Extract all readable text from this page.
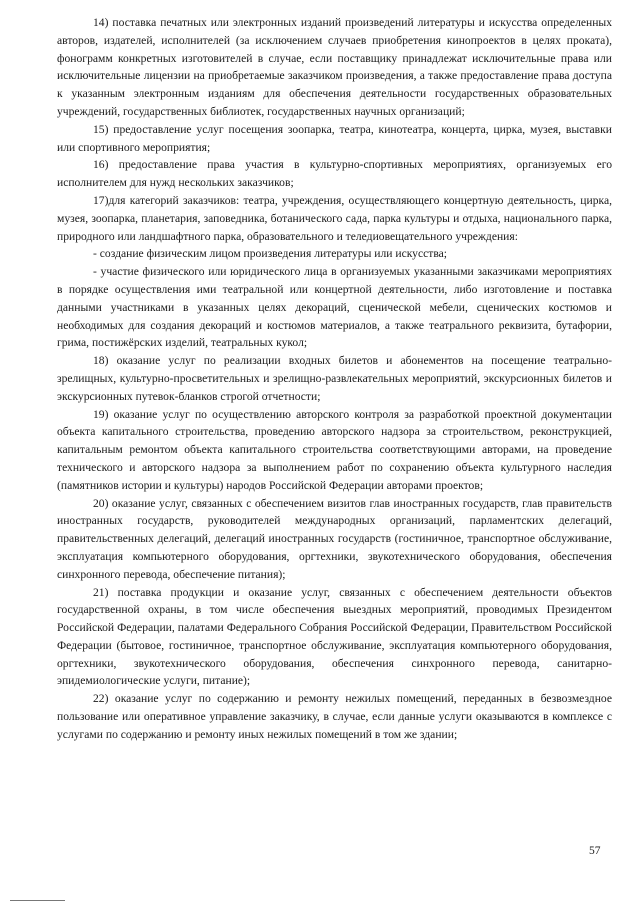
14) поставка печатных или электронных изданий произведений литературы и искусства определенных авторов, издателей, исполнителей (за исключением случаев приобретения кинопроектов в целях проката), фонограмм конкретных изготовителей в случае, если поставщику принадлежат исключительные права или исключительные лицензии на приобретаемые заказчиком произведения, а также предоставление права доступа к указанным электронным изданиям для обеспечения деятельности государственных образовательных учреждений, государственных библиотек, государственных научных организаций;

15) предоставление услуг посещения зоопарка, театра, кинотеатра, концерта, цирка, музея, выставки или спортивного мероприятия;

16) предоставление права участия в культурно-спортивных мероприятиях, организуемых его исполнителем для нужд нескольких заказчиков;

17)для категорий заказчиков: театра, учреждения, осуществляющего концертную деятельность, цирка, музея, зоопарка, планетария, заповедника, ботанического сада, парка культуры и отдыха, национального парка, природного или ландшафтного парка, образовательного и теледиовещательного учреждения:

- создание физическим лицом произведения литературы или искусства;

- участие физического или юридического лица в организуемых указанными заказчиками мероприятиях в порядке осуществления ими театральной или концертной деятельности, либо изготовление и поставка данными участниками в указанных целях декораций, сценической мебели, сценических костюмов и необходимых для создания декораций и костюмов материалов, а также театрального реквизита, бутафории, грима, постижёрских изделий, театральных кукол;

18) оказание услуг по реализации входных билетов и абонементов на посещение театрально-зрелищных, культурно-просветительных и зрелищно-развлекательных мероприятий, экскурсионных билетов и экскурсионных путевок-бланков строгой отчетности;

19) оказание услуг по осуществлению авторского контроля за разработкой проектной документации объекта капитального строительства, проведению авторского надзора за строительством, реконструкцией, капитальным ремонтом объекта капитального строительства соответствующими авторами, на проведение технического и авторского надзора за выполнением работ по сохранению объекта культурного наследия (памятников истории и культуры) народов Российской Федерации авторами проектов;

20) оказание услуг, связанных с обеспечением визитов глав иностранных государств, глав правительств иностранных государств, руководителей международных организаций, парламентских делегаций, правительственных делегаций, делегаций иностранных государств (гостиничное, транспортное обслуживание, эксплуатация компьютерного оборудования, оргтехники, звукотехнического оборудования, обеспечения синхронного перевода, обеспечение питания);

21) поставка продукции и оказание услуг, связанных с обеспечением деятельности объектов государственной охраны, в том числе обеспечения выездных мероприятий, проводимых Президентом Российской Федерации, палатами Федерального Собрания Российской Федерации, Правительством Российской Федерации (бытовое, гостиничное, транспортное обслуживание, эксплуатация компьютерного оборудования, оргтехники, звукотехнического оборудования, обеспечения синхронного перевода, санитарно-эпидемиологические услуги, питание);

22) оказание услуг по содержанию и ремонту нежилых помещений, переданных в безвозмездное пользование или оперативное управление заказчику, в случае, если данные услуги оказываются в комплексе с услугами по содержанию и ремонту иных нежилых помещений в том же здании;

57
